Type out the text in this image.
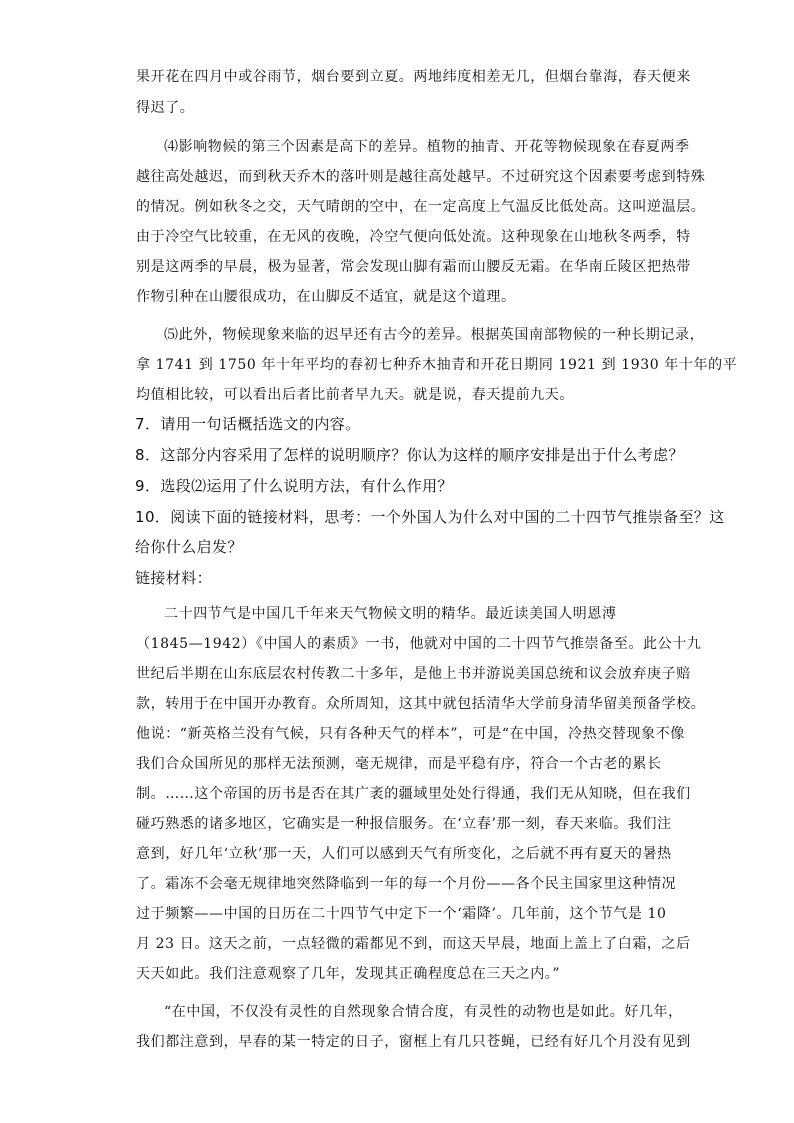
果开花在四月中或谷雨节，烟台要到立夏。两地纬度相差无几，但烟台靠海，春天便来
得迟了。
⑷影响物候的第三个因素是高下的差异。植物的抽青、开花等物候现象在春夏两季
越往高处越迟，而到秋天乔木的落叶则是越往高处越早。不过研究这个因素要考虑到特殊
的情况。例如秋冬之交，天气晴朗的空中，在一定高度上气温反比低处高。这叫逆温层。
由于冷空气比较重，在无风的夜晚，冷空气便向低处流。这种现象在山地秋冬两季，特
别是这两季的早晨，极为显著，常会发现山脚有霜而山腰反无霜。在华南丘陵区把热带
作物引种在山腰很成功，在山脚反不适宜，就是这个道理。
⑸此外，物候现象来临的迟早还有古今的差异。根据英国南部物候的一种长期记录，
拿 1741 到 1750 年十年平均的春初七种乔木抽青和开花日期同 1921 到 1930 年十年的平
均值相比较，可以看出后者比前者早九天。就是说，春天提前九天。
7．请用一句话概括选文的内容。
8．这部分内容采用了怎样的说明顺序？你认为这样的顺序安排是出于什么考虑？
9．选段⑵运用了什么说明方法，有什么作用？
10．阅读下面的链接材料，思考：一个外国人为什么对中国的二十四节气推崇备至？这
给你什么启发？
链接材料：
二十四节气是中国几千年来天气物候文明的精华。最近读美国人明恩溥
（1845—1942）《中国人的素质》一书，他就对中国的二十四节气推崇备至。此公十九
世纪后半期在山东底层农村传教二十多年，是他上书并游说美国总统和议会放弃庚子赔
款，转用于在中国开办教育。众所周知，这其中就包括清华大学前身清华留美预备学校。
他说：“新英格兰没有气候，只有各种天气的样本”，可是“在中国，冷热交替现象不像
我们合众国所见的那样无法预测，毫无规律，而是平稳有序，符合一个古老的累长
制。……这个帝国的历书是否在其广袤的疆域里处处行得通，我们无从知晓，但在我们
碰巧熟悉的诸多地区，它确实是一种报信服务。在‘立春’那一刻，春天来临。我们注
意到，好几年‘立秋’那一天，人们可以感到天气有所变化，之后就不再有夏天的暑热
了。霜冻不会毫无规律地突然降临到一年的每一个月份——各个民主国家里这种情况
过于频繁——中国的日历在二十四节气中定下一个‘霜降’。几年前，这个节气是 10
月 23 日。这天之前，一点轻微的霜都见不到，而这天早晨，地面上盖上了白霜，之后
天天如此。我们注意观察了几年，发现其正确程度总在三天之内。”
“在中国，不仅没有灵性的自然现象合情合度，有灵性的动物也是如此。好几年，
我们都注意到，早春的某一特定的日子，窗框上有几只苍蝇，已经有好几个月没有见到
